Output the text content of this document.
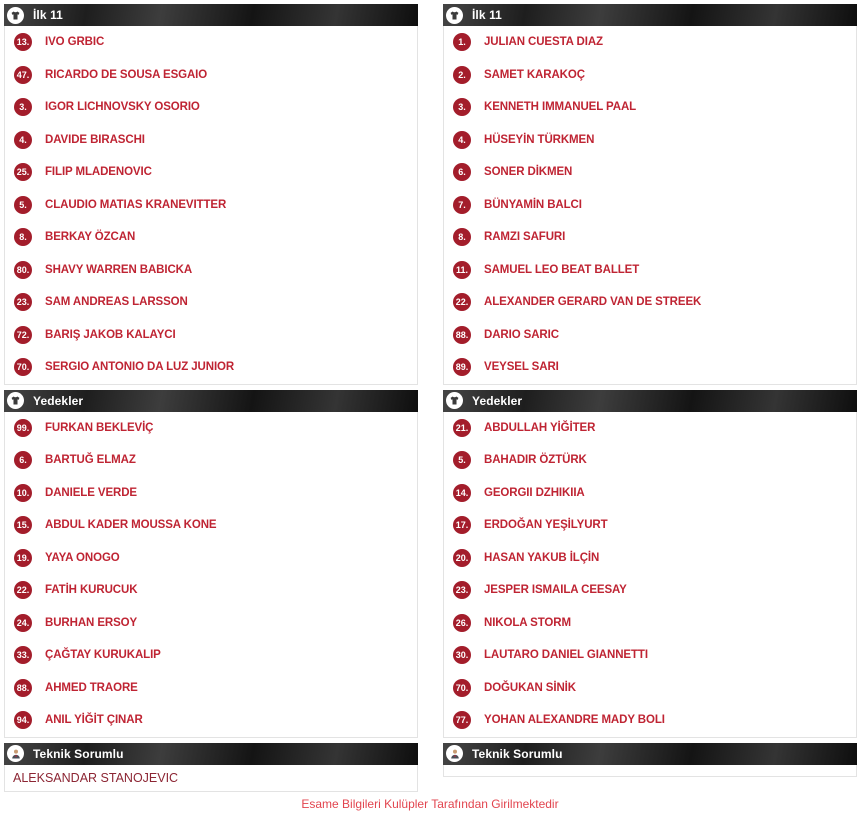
İlk 11
13. IVO GRBIC
47. RICARDO DE SOUSA ESGAIO
3.	IGOR LICHNOVSKY OSORIO
4.	DAVIDE BIRASCHI
25. FILIP MLADENOVIC
5.	CLAUDIO MATIAS KRANEVITTER
8.	BERKAY ÖZCAN
80. SHAVY WARREN BABICKA
23. SAM ANDREAS LARSSON
72. BARIŞ JAKOB KALAYCI
70. SERGIO ANTONIO DA LUZ JUNIOR
Yedekler
99. FURKAN BEKLEVİÇ
6.	BARTUĞ ELMAZ
10. DANIELE VERDE
15. ABDUL KADER MOUSSA KONE
19. YAYA ONOGO
22. FATİH KURUCUK
24. BURHAN ERSOY
33. ÇAĞTAY KURUKALIP
88. AHMED TRAORE
94. ANIL YİĞİT ÇINAR
Teknik Sorumlu
ALEKSANDAR STANOJEVIC
İlk 11
1.	JULIAN CUESTA DIAZ
2.	SAMET KARAKOÇ
3.	KENNETH IMMANUEL PAAL
4.	HÜSEYİN TÜRKMEN
6.	SONER DİKMEN
7.	BÜNYAMİN BALCI
8.	RAMZI SAFURI
11. SAMUEL LEO BEAT BALLET
22. ALEXANDER GERARD VAN DE STREEK
88. DARIO SARIC
89. VEYSEL SARI
Yedekler
21. ABDULLAH YİĞİTER
5.	BAHADIR ÖZTÜRK
14. GEORGII DZHIKIIA
17. ERDOĞAN YEŞİLYURT
20. HASAN YAKUB İLÇİN
23. JESPER ISMAILA CEESAY
26. NIKOLA STORM
30. LAUTARO DANIEL GIANNETTI
70. DOĞUKAN SİNİK
77. YOHAN ALEXANDRE MADY BOLI
Teknik Sorumlu
Esame Bilgileri Kulüpler Tarafından Girilmektedir
